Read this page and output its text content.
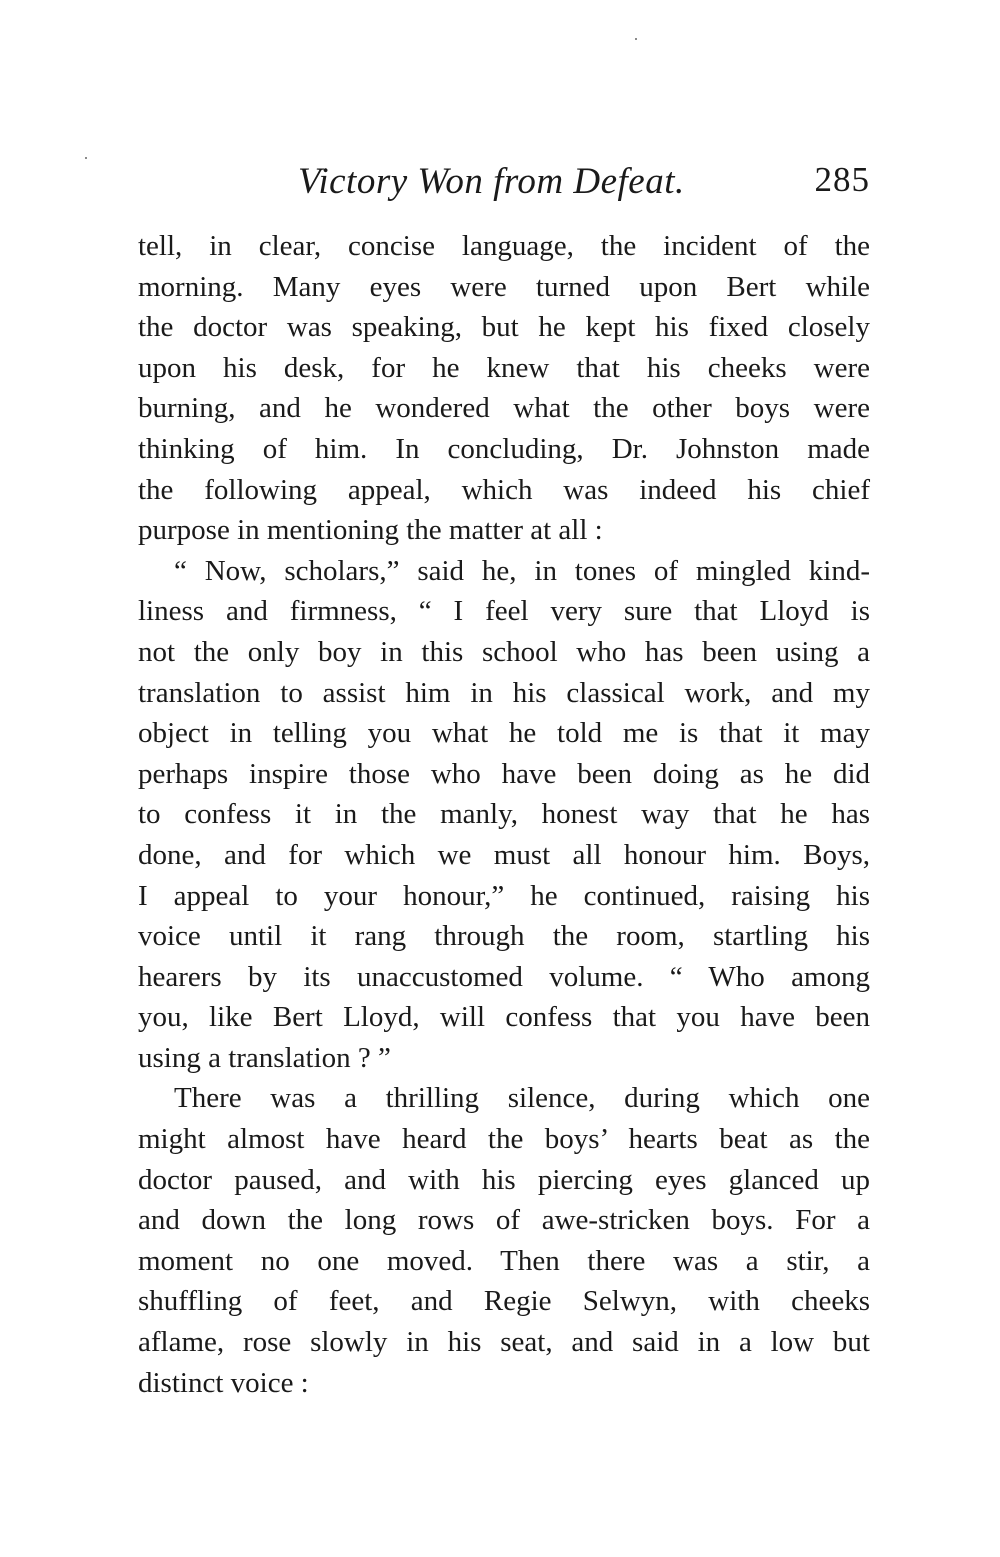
Victory Won from Defeat.	285
tell, in clear, concise language, the incident of the
morning. Many eyes were turned upon Bert while
the doctor was speaking, but he kept his fixed closely
upon his desk, for he knew that his cheeks were
burning, and he wondered what the other boys were
thinking of him. In concluding, Dr. Johnston made
the following appeal, which was indeed his chief
purpose in mentioning the matter at all :
“ Now, scholars,” said he, in tones of mingled kind-
liness and firmness, “ I feel very sure that Lloyd is
not the only boy in this school who has been using a
translation to assist him in his classical work, and my
object in telling you what he told me is that it may
perhaps inspire those who have been doing as he did
to confess it in the manly, honest way that he has
done, and for which we must all honour him. Boys,
I appeal to your honour,” he continued, raising his
voice until it rang through the room, startling his
hearers by its unaccustomed volume. “ Who among
you, like Bert Lloyd, will confess that you have been
using a translation ? ”
There was a thrilling silence, during which one
might almost have heard the boys’ hearts beat as the
doctor paused, and with his piercing eyes glanced up
and down the long rows of awe-stricken boys. For a
moment no one moved. Then there was a stir, a
shuffling of feet, and Regie Selwyn, with cheeks
aflame, rose slowly in his seat, and said in a low but
distinct voice :
